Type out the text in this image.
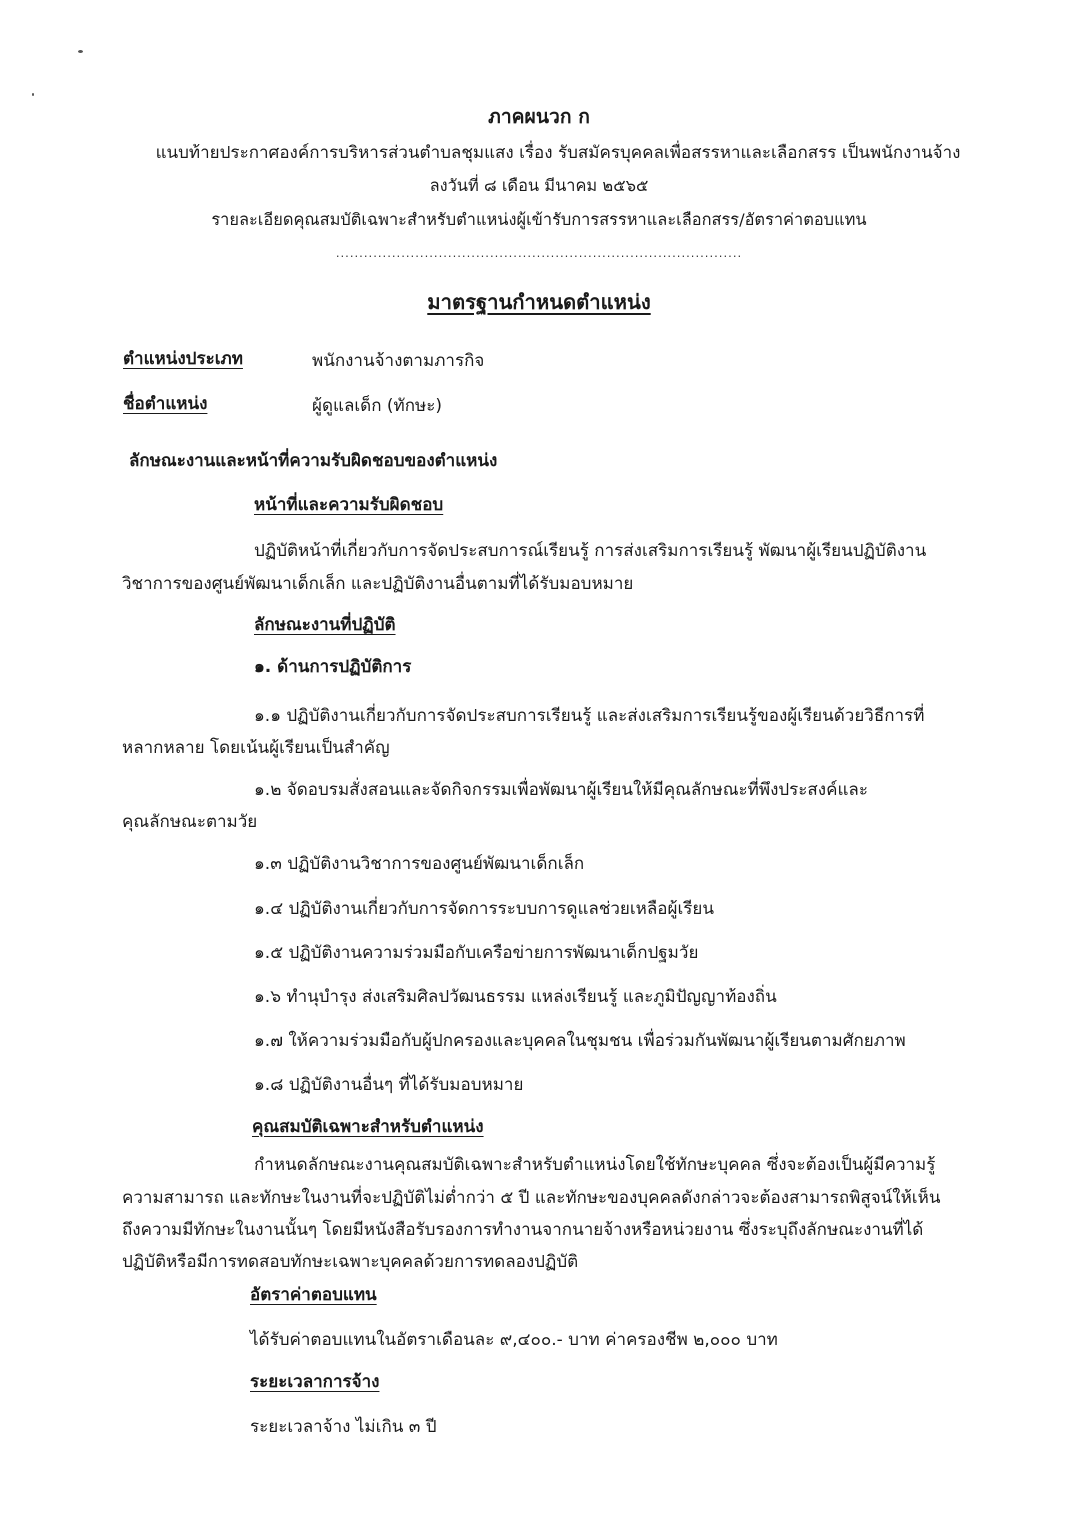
ภาคผนวก ก
แนบท้ายประกาศองค์การบริหารส่วนตำบลชุมแสง เรื่อง รับสมัครบุคคลเพื่อสรรหาและเลือกสรร เป็นพนักงานจ้าง
ลงวันที่ ๘ เดือน มีนาคม ๒๕๖๕
รายละเอียดคุณสมบัติเฉพาะสำหรับตำแหน่งผู้เข้ารับการสรรหาและเลือกสรร/อัตราค่าตอบแทน
.......................................................................................
มาตรฐานกำหนดตำแหน่ง
ตำแหน่งประเภท	พนักงานจ้างตามภารกิจ
ชื่อตำแหน่ง	ผู้ดูแลเด็ก (ทักษะ)
ลักษณะงานและหน้าที่ความรับผิดชอบของตำแหน่ง
หน้าที่และความรับผิดชอบ
ปฏิบัติหน้าที่เกี่ยวกับการจัดประสบการณ์เรียนรู้ การส่งเสริมการเรียนรู้ พัฒนาผู้เรียนปฏิบัติงาน
วิชาการของศูนย์พัฒนาเด็กเล็ก และปฏิบัติงานอื่นตามที่ได้รับมอบหมาย
ลักษณะงานที่ปฏิบัติ
๑. ด้านการปฏิบัติการ
๑.๑ ปฏิบัติงานเกี่ยวกับการจัดประสบการเรียนรู้ และส่งเสริมการเรียนรู้ของผู้เรียนด้วยวิธีการที่
หลากหลาย โดยเน้นผู้เรียนเป็นสำคัญ
๑.๒ จัดอบรมสั่งสอนและจัดกิจกรรมเพื่อพัฒนาผู้เรียนให้มีคุณลักษณะที่พึงประสงค์และ
คุณลักษณะตามวัย
๑.๓ ปฏิบัติงานวิชาการของศูนย์พัฒนาเด็กเล็ก
๑.๔ ปฏิบัติงานเกี่ยวกับการจัดการระบบการดูแลช่วยเหลือผู้เรียน
๑.๕ ปฏิบัติงานความร่วมมือกับเครือข่ายการพัฒนาเด็กปฐมวัย
๑.๖ ทำนุบำรุง ส่งเสริมศิลปวัฒนธรรม แหล่งเรียนรู้ และภูมิปัญญาท้องถิ่น
๑.๗ ให้ความร่วมมือกับผู้ปกครองและบุคคลในชุมชน เพื่อร่วมกันพัฒนาผู้เรียนตามศักยภาพ
๑.๘ ปฏิบัติงานอื่นๆ ที่ได้รับมอบหมาย
คุณสมบัติเฉพาะสำหรับตำแหน่ง
กำหนดลักษณะงานคุณสมบัติเฉพาะสำหรับตำแหน่งโดยใช้ทักษะบุคคล ซึ่งจะต้องเป็นผู้มีความรู้
ความสามารถ และทักษะในงานที่จะปฏิบัติไม่ต่ำกว่า ๕ ปี และทักษะของบุคคลดังกล่าวจะต้องสามารถพิสูจน์ให้เห็น
ถึงความมีทักษะในงานนั้นๆ โดยมีหนังสือรับรองการทำงานจากนายจ้างหรือหน่วยงาน ซึ่งระบุถึงลักษณะงานที่ได้
ปฏิบัติหรือมีการทดสอบทักษะเฉพาะบุคคลด้วยการทดลองปฏิบัติ
อัตราค่าตอบแทน
ได้รับค่าตอบแทนในอัตราเดือนละ ๙,๔๐๐.- บาท ค่าครองชีพ ๒,๐๐๐ บาท
ระยะเวลาการจ้าง
ระยะเวลาจ้าง ไม่เกิน ๓ ปี
